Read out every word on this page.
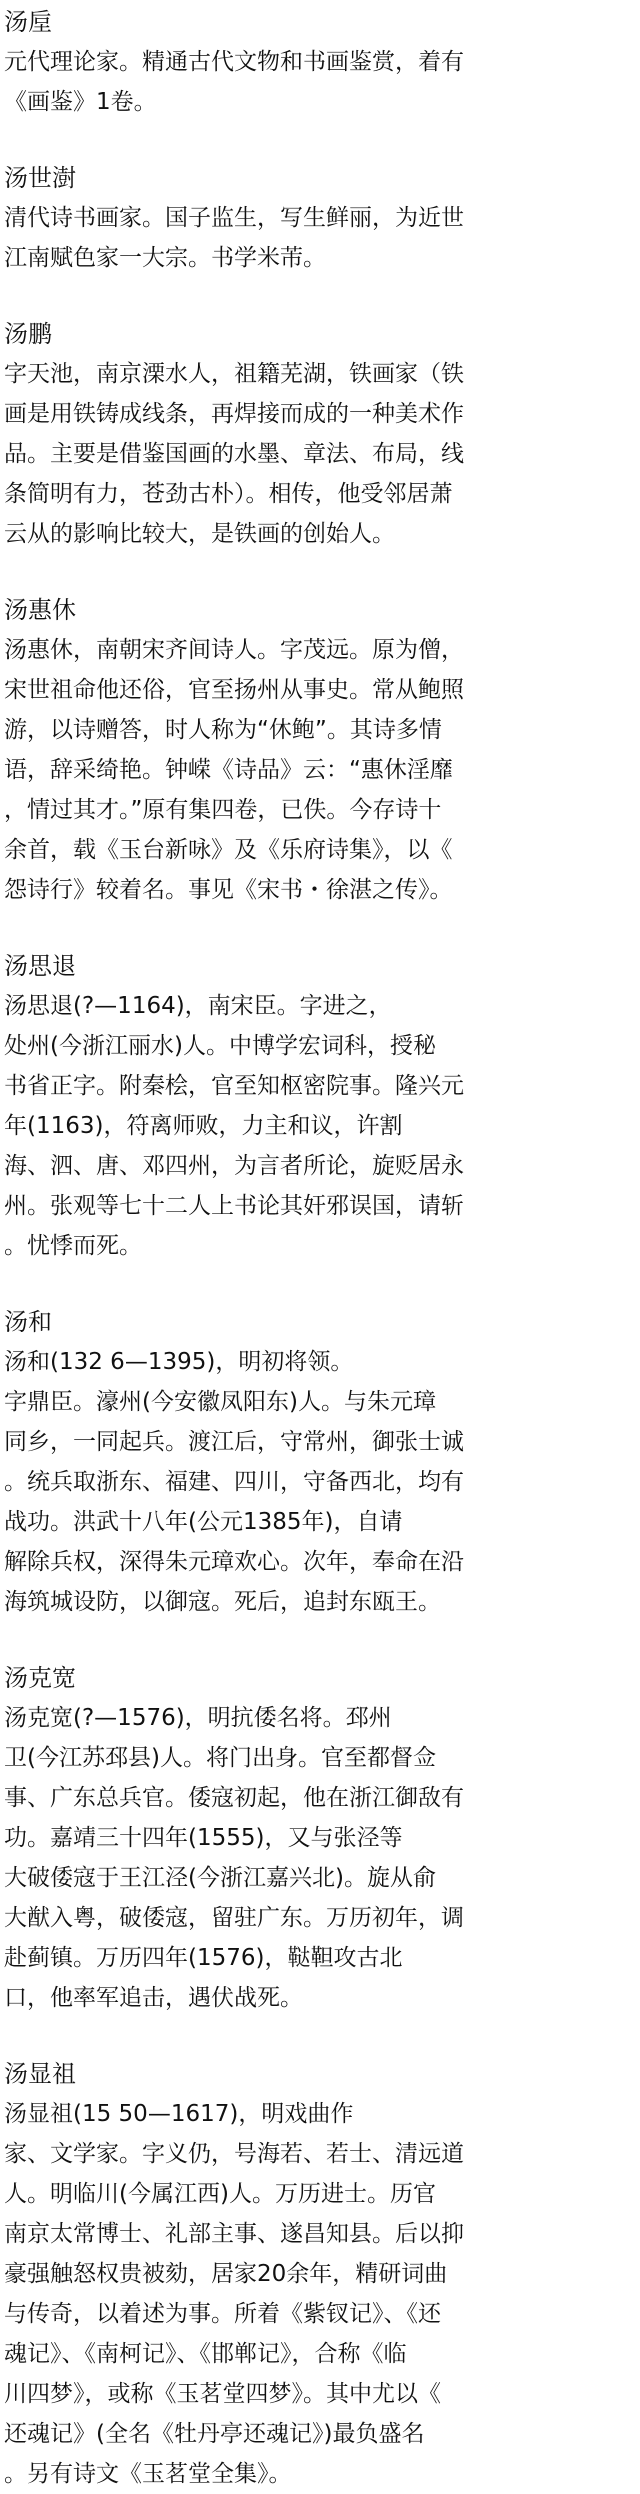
汤垕
元代理论家。精通古代文物和书画鉴赏，着有
《画鉴》1卷。
汤世澍
清代诗书画家。国子监生，写生鲜丽，为近世
江南赋色家一大宗。书学米芾。
汤鹏
字天池，南京溧水人，祖籍芜湖，铁画家（铁
画是用铁铸成线条，再焊接而成的一种美术作
品。主要是借鉴国画的水墨、章法、布局，线
条简明有力，苍劲古朴）。相传，他受邻居萧
云从的影响比较大，是铁画的创始人。
汤惠休
汤惠休，南朝宋齐间诗人。字茂远。原为僧，
宋世祖命他还俗，官至扬州从事史。常从鲍照
游，以诗赠答，时人称为“休鲍”。其诗多情
语，辞采绮艳。钟嵘《诗品》云：“惠休淫靡
，情过其才。”原有集四卷，已佚。今存诗十
余首，载《玉台新咏》及《乐府诗集》，以《
怨诗行》较着名。事见《宋书・徐湛之传》。
汤思退
汤思退(?—1164)，南宋臣。字进之，
处州(今浙江丽水)人。中博学宏词科，授秘
书省正字。附秦桧，官至知枢密院事。隆兴元
年(1163)，符离师败，力主和议，许割
海、泗、唐、邓四州，为言者所论，旋贬居永
州。张观等七十二人上书论其奸邪误国，请斩
。忧悸而死。
汤和
汤和(132 6—1395)，明初将领。
字鼎臣。濠州(今安徽凤阳东)人。与朱元璋
同乡，一同起兵。渡江后，守常州，御张士诚
。统兵取浙东、福建、四川，守备西北，均有
战功。洪武十八年(公元1385年)，自请
解除兵权，深得朱元璋欢心。次年，奉命在沿
海筑城设防，以御寇。死后，追封东瓯王。
汤克宽
汤克宽(?—1576)，明抗倭名将。邳州
卫(今江苏邳县)人。将门出身。官至都督佥
事、广东总兵官。倭寇初起，他在浙江御敌有
功。嘉靖三十四年(1555)，又与张泾等
大破倭寇于王江泾(今浙江嘉兴北)。旋从俞
大猷入粤，破倭寇，留驻广东。万历初年，调
赴蓟镇。万历四年(1576)，鞑靼攻古北
口，他率军追击，遇伏战死。
汤显祖
汤显祖(15 50—1617)，明戏曲作
家、文学家。字义仍，号海若、若士、清远道
人。明临川(今属江西)人。万历进士。历官
南京太常博士、礼部主事、遂昌知县。后以抑
豪强触怒权贵被劾，居家20余年，精研词曲
与传奇，以着述为事。所着《紫钗记》、《还
魂记》、《南柯记》、《邯郸记》，合称《临
川四梦》，或称《玉茗堂四梦》。其中尤以《
还魂记》(全名《牡丹亭还魂记》)最负盛名
。另有诗文《玉茗堂全集》。
